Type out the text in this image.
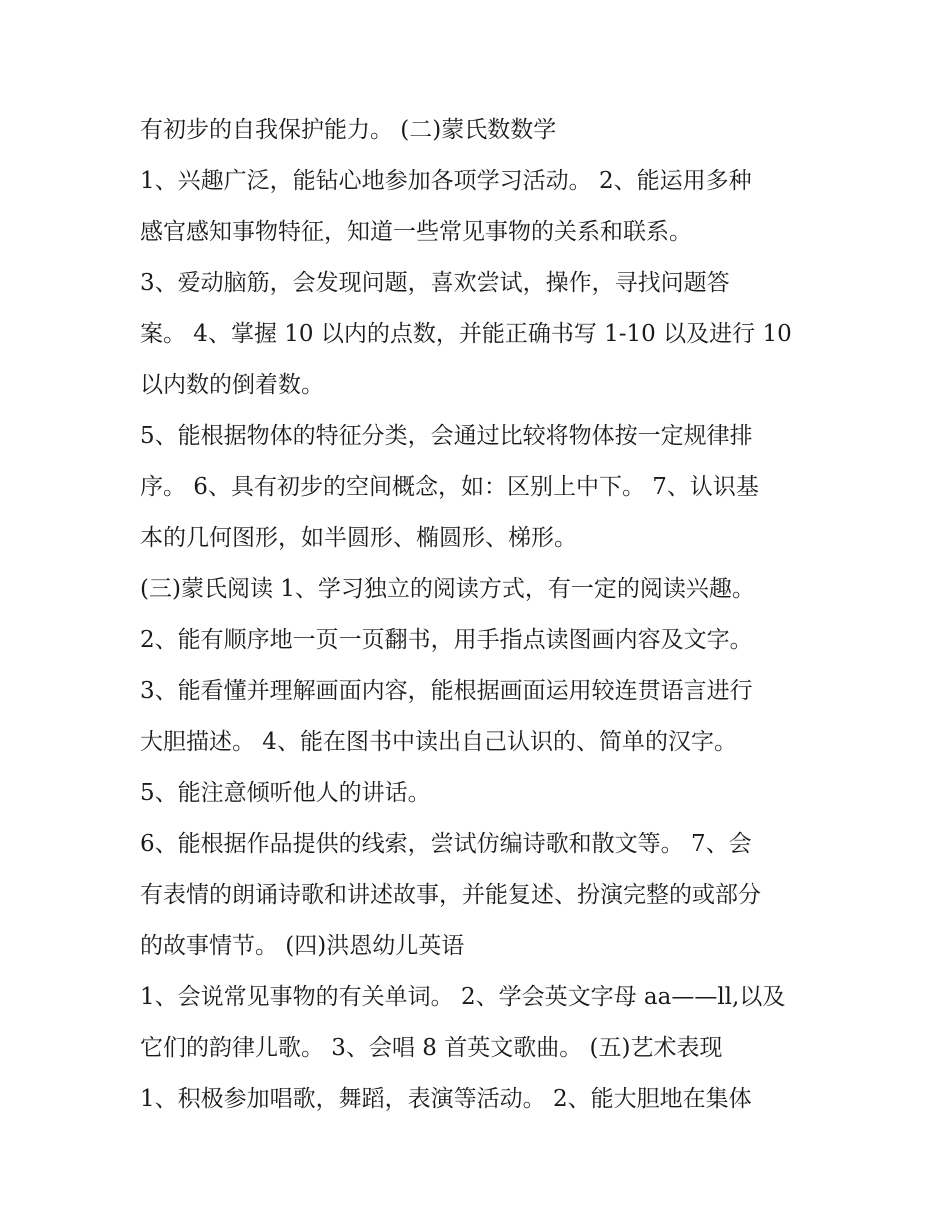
有初步的自我保护能力。 (二)蒙氏数数学
1、兴趣广泛，能钻心地参加各项学习活动。 2、能运用多种
感官感知事物特征，知道一些常见事物的关系和联系。
3、爱动脑筋，会发现问题，喜欢尝试，操作，寻找问题答
案。 4、掌握 10 以内的点数，并能正确书写 1-10 以及进行 10
以内数的倒着数。
5、能根据物体的特征分类，会通过比较将物体按一定规律排
序。 6、具有初步的空间概念，如：区别上中下。 7、认识基
本的几何图形，如半圆形、椭圆形、梯形。
(三)蒙氏阅读 1、学习独立的阅读方式，有一定的阅读兴趣。
2、能有顺序地一页一页翻书，用手指点读图画内容及文字。
3、能看懂并理解画面内容，能根据画面运用较连贯语言进行
大胆描述。 4、能在图书中读出自己认识的、简单的汉字。
5、能注意倾听他人的讲话。
6、能根据作品提供的线索，尝试仿编诗歌和散文等。 7、会
有表情的朗诵诗歌和讲述故事，并能复述、扮演完整的或部分
的故事情节。 (四)洪恩幼儿英语
1、会说常见事物的有关单词。 2、学会英文字母 aa——ll,以及
它们的韵律儿歌。 3、会唱 8 首英文歌曲。 (五)艺术表现
1、积极参加唱歌，舞蹈，表演等活动。 2、能大胆地在集体
